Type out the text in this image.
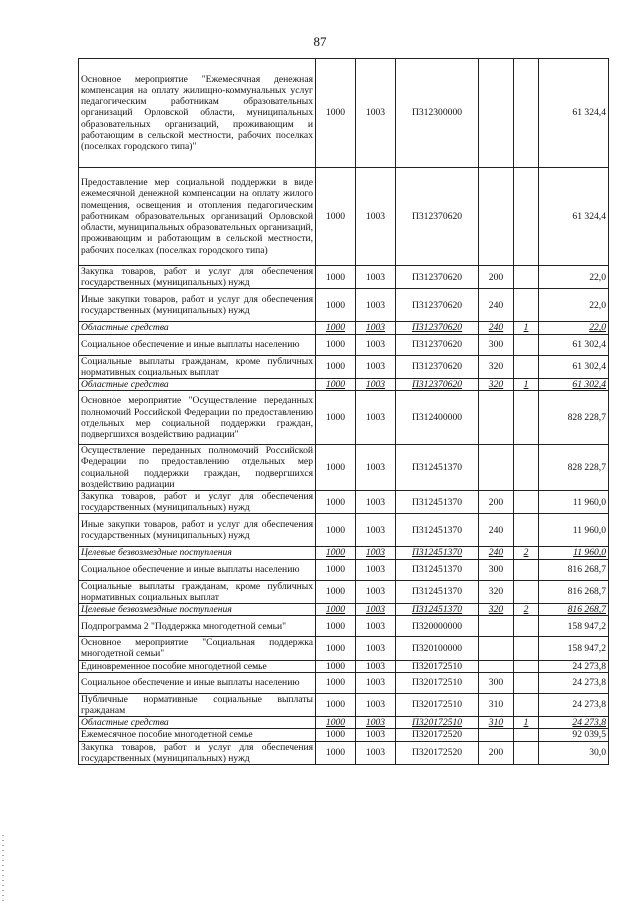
87
Основное мероприятие "Ежемесячная денежная компенсация на оплату жилищно-коммунальных услуг педагогическим работникам образовательных организаций Орловской области, муниципальных образовательных организаций, проживающим и работающим в сельской местности, рабочих поселках (поселках городского типа)"	1000	1003	П312300000			61 324,4
Предоставление мер социальной поддержки в виде ежемесячной денежной компенсации на оплату жилого помещения, освещения и отопления педагогическим работникам образовательных организаций Орловской области, муниципальных образовательных организаций, проживающим и работающим в сельской местности, рабочих поселках (поселках городского типа)	1000	1003	П312370620			61 324,4
Закупка товаров, работ и услуг для обеспечения государственных (муниципальных) нужд	1000	1003	П312370620	200		22,0
Иные закупки товаров, работ и услуг для обеспечения государственных (муниципальных) нужд	1000	1003	П312370620	240		22,0
Областные средства	1000	1003	П312370620	240	1	22,0
Социальное обеспечение и иные выплаты населению	1000	1003	П312370620	300		61 302,4
Социальные выплаты гражданам, кроме публичных нормативных социальных выплат	1000	1003	П312370620	320		61 302,4
Областные средства	1000	1003	П312370620	320	1	61 302,4
Основное мероприятие "Осуществление переданных полномочий Российской Федерации по предоставлению отдельных мер социальной поддержки граждан, подвергшихся воздействию радиации"	1000	1003	П312400000			828 228,7
Осуществление переданных полномочий Российской Федерации по предоставлению отдельных мер социальной поддержки граждан, подвергшихся воздействию радиации	1000	1003	П312451370			828 228,7
Закупка товаров, работ и услуг для обеспечения государственных (муниципальных) нужд	1000	1003	П312451370	200		11 960,0
Иные закупки товаров, работ и услуг для обеспечения государственных (муниципальных) нужд	1000	1003	П312451370	240		11 960,0
Целевые безвозмездные поступления	1000	1003	П312451370	240	2	11 960,0
Социальное обеспечение и иные выплаты населению	1000	1003	П312451370	300		816 268,7
Социальные выплаты гражданам, кроме публичных нормативных социальных выплат	1000	1003	П312451370	320		816 268,7
Целевые безвозмездные поступления	1000	1003	П312451370	320	2	816 268,7
Подпрограмма 2 "Поддержка многодетной семьи"	1000	1003	П320000000			158 947,2
Основное мероприятие "Социальная поддержка многодетной семьи"	1000	1003	П320100000			158 947,2
Единовременное пособие многодетной семье	1000	1003	П320172510			24 273,8
Социальное обеспечение и иные выплаты населению	1000	1003	П320172510	300		24 273,8
Публичные нормативные социальные выплаты гражданам	1000	1003	П320172510	310		24 273,8
Областные средства	1000	1003	П320172510	310	1	24 273,8
Ежемесячное пособие многодетной семье	1000	1003	П320172520			92 039,5
Закупка товаров, работ и услуг для обеспечения государственных (муниципальных) нужд	1000	1003	П320172520	200		30,0
